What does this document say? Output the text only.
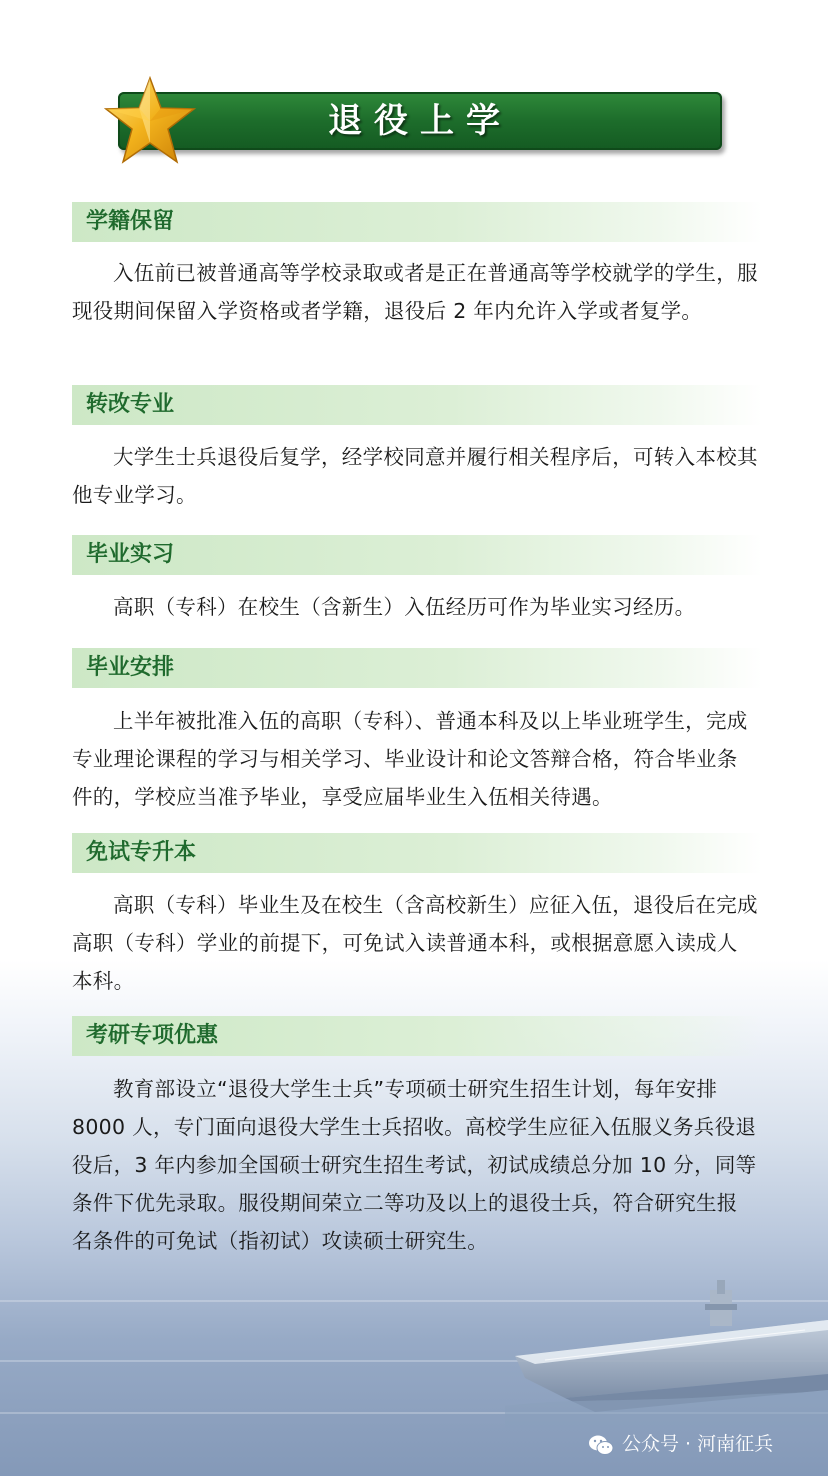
退役上学
学籍保留

入伍前已被普通高等学校录取或者是正在普通高等学校就学的学生，服现役期间保留入学资格或者学籍，退役后 2 年内允许入学或者复学。

转改专业

大学生士兵退役后复学，经学校同意并履行相关程序后，可转入本校其他专业学习。

毕业实习

高职（专科）在校生（含新生）入伍经历可作为毕业实习经历。

毕业安排

上半年被批准入伍的高职（专科）、普通本科及以上毕业班学生，完成专业理论课程的学习与相关学习、毕业设计和论文答辩合格，符合毕业条件的，学校应当准予毕业，享受应届毕业生入伍相关待遇。

免试专升本

高职（专科）毕业生及在校生（含高校新生）应征入伍，退役后在完成高职（专科）学业的前提下，可免试入读普通本科，或根据意愿入读成人本科。

考研专项优惠

教育部设立“退役大学生士兵”专项硕士研究生招生计划，每年安排 8000 人，专门面向退役大学生士兵招收。高校学生应征入伍服义务兵役退役后，3 年内参加全国硕士研究生招生考试，初试成绩总分加 10 分，同等条件下优先录取。服役期间荣立二等功及以上的退役士兵，符合研究生报名条件的可免试（指初试）攻读硕士研究生。

公众号 · 河南征兵
